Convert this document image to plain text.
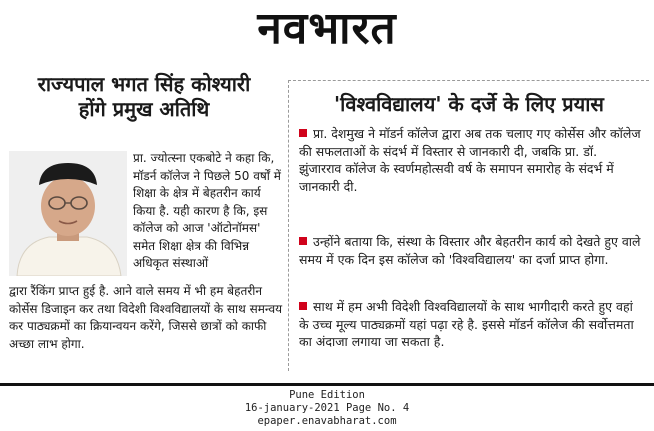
नवभारत
राज्यपाल भगत सिंह कोश्यारी
होंगे प्रमुख अतिथि
प्रा. ज्योत्स्ना एकबोटे ने कहा कि, मॉडर्न कॉलेज ने पिछले 50 वर्षों में शिक्षा के क्षेत्र में बेहतरीन कार्य किया है. यही कारण है कि, इस कॉलेज को आज 'ऑटोनॉमस' समेत शिक्षा क्षेत्र की विभिन्न अधिकृत संस्थाओं
द्वारा रैंकिंग प्राप्त हुई है. आने वाले समय में भी हम बेहतरीन कोर्सेस डिजाइन कर तथा विदेशी विश्वविद्यालयों के साथ समन्वय कर पाठ्यक्रमों का क्रियान्वयन करेंगे, जिससे छात्रों को काफी अच्छा लाभ होगा.
'विश्वविद्यालय' के दर्जे के लिए प्रयास
प्रा. देशमुख ने मॉडर्न कॉलेज द्वारा अब तक चलाए गए कोर्सेस और कॉलेज की सफलताओं के संदर्भ में विस्तार से जानकारी दी, जबकि प्रा. डॉ. झुंजारराव कॉलेज के स्वर्णमहोत्सवी वर्ष के समापन समारोह के संदर्भ में जानकारी दी.
उन्होंने बताया कि, संस्था के विस्तार और बेहतरीन कार्य को देखते हुए वाले समय में एक दिन इस कॉलेज को 'विश्वविद्यालय' का दर्जा प्राप्त होगा.
साथ में हम अभी विदेशी विश्वविद्यालयों के साथ भागीदारी करते हुए वहां के उच्च मूल्य पाठ्यक्रमों यहां पढ़ा रहे है. इससे मॉडर्न कॉलेज की सर्वोत्तमता का अंदाजा लगाया जा सकता है.
Pune Edition
16-january-2021 Page No. 4
epaper.enavabharat.com
